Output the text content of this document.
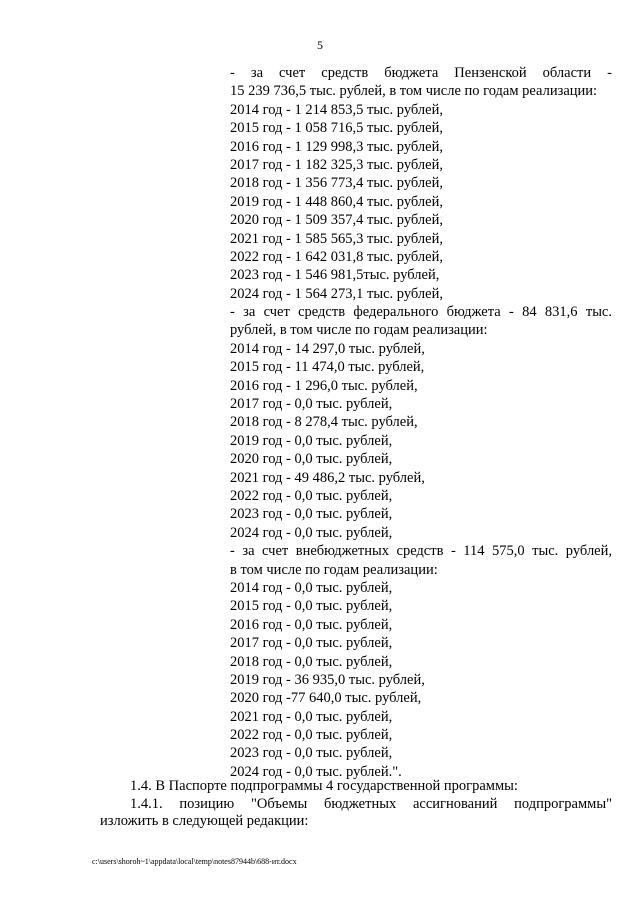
5
- за счет средств бюджета Пензенской области -
15 239 736,5 тыс. рублей, в том числе по годам реализации:
2014 год - 1 214 853,5 тыс. рублей,
2015 год - 1 058 716,5 тыс. рублей,
2016 год - 1 129 998,3 тыс. рублей,
2017 год - 1 182 325,3 тыс. рублей,
2018 год - 1 356 773,4 тыс. рублей,
2019 год - 1 448 860,4 тыс. рублей,
2020 год - 1 509 357,4 тыс. рублей,
2021 год - 1 585 565,3 тыс. рублей,
2022 год - 1 642 031,8 тыс. рублей,
2023 год - 1 546 981,5тыс. рублей,
2024 год - 1 564 273,1 тыс. рублей,
- за счет средств федерального бюджета - 84 831,6 тыс.
рублей, в том числе по годам реализации:
2014 год - 14 297,0 тыс. рублей,
2015 год - 11 474,0 тыс. рублей,
2016 год - 1 296,0 тыс. рублей,
2017 год - 0,0 тыс. рублей,
2018 год - 8 278,4 тыс. рублей,
2019 год - 0,0 тыс. рублей,
2020 год - 0,0 тыс. рублей,
2021 год - 49 486,2 тыс. рублей,
2022 год - 0,0 тыс. рублей,
2023 год - 0,0 тыс. рублей,
2024 год - 0,0 тыс. рублей,
- за счет внебюджетных средств - 114 575,0 тыс. рублей,
в том числе по годам реализации:
2014 год - 0,0 тыс. рублей,
2015 год - 0,0 тыс. рублей,
2016 год - 0,0 тыс. рублей,
2017 год - 0,0 тыс. рублей,
2018 год - 0,0 тыс. рублей,
2019 год - 36 935,0 тыс. рублей,
2020 год -77 640,0 тыс. рублей,
2021 год - 0,0 тыс. рублей,
2022 год - 0,0 тыс. рублей,
2023 год - 0,0 тыс. рублей,
2024 год - 0,0 тыс. рублей.".
1.4. В Паспорте подпрограммы 4 государственной программы:
1.4.1. позицию "Объемы бюджетных ассигнований подпрограммы"
изложить в следующей редакции:
c:\users\shoroh~1\appdata\local\temp\notes87944b\688-ит.docx
